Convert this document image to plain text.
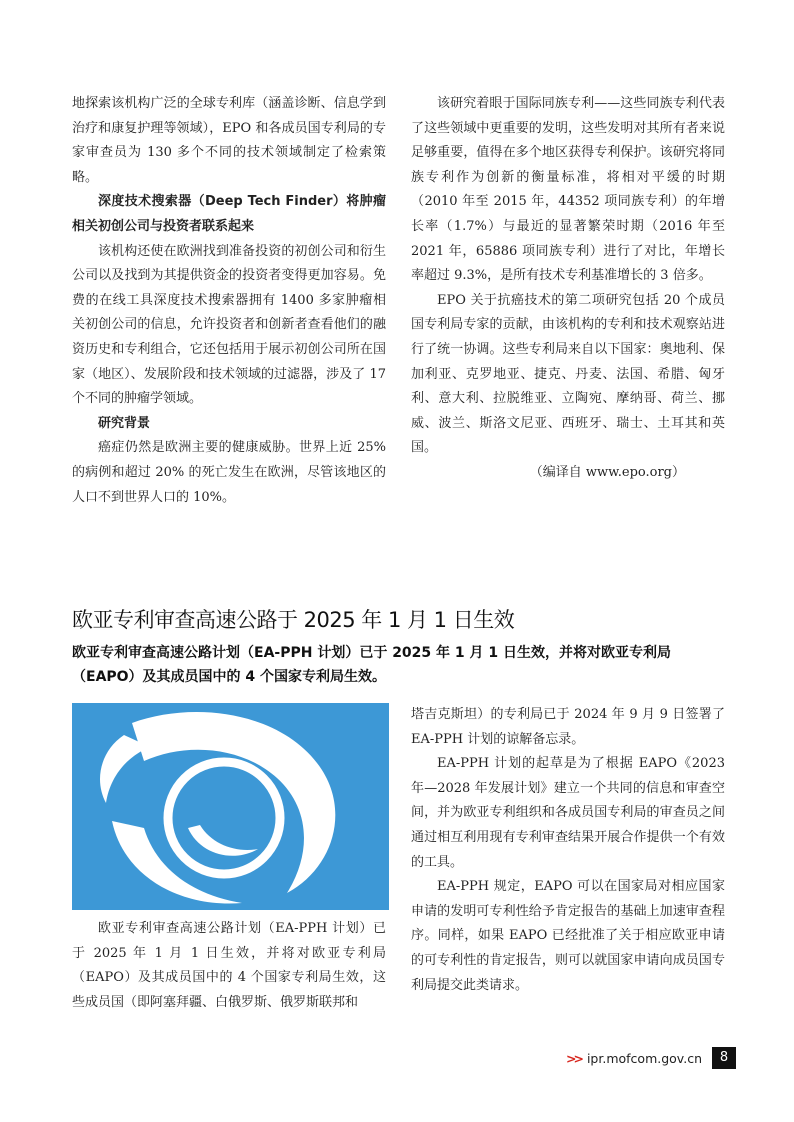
地探索该机构广泛的全球专利库（涵盖诊断、信息学到治疗和康复护理等领域），EPO 和各成员国专利局的专家审查员为 130 多个不同的技术领域制定了检索策略。

深度技术搜索器（Deep Tech Finder）将肿瘤相关初创公司与投资者联系起来

该机构还使在欧洲找到准备投资的初创公司和衍生公司以及找到为其提供资金的投资者变得更加容易。免费的在线工具深度技术搜索器拥有 1400 多家肿瘤相关初创公司的信息，允许投资者和创新者查看他们的融资历史和专利组合，它还包括用于展示初创公司所在国家（地区）、发展阶段和技术领域的过滤器，涉及了 17 个不同的肿瘤学领域。

研究背景

癌症仍然是欧洲主要的健康威胁。世界上近 25% 的病例和超过 20% 的死亡发生在欧洲，尽管该地区的人口不到世界人口的 10%。

该研究着眼于国际同族专利——这些同族专利代表了这些领域中更重要的发明，这些发明对其所有者来说足够重要，值得在多个地区获得专利保护。该研究将同族专利作为创新的衡量标准，将相对平缓的时期（2010 年至 2015 年，44352 项同族专利）的年增长率（1.7%）与最近的显著繁荣时期（2016 年至 2021 年，65886 项同族专利）进行了对比，年增长率超过 9.3%，是所有技术专利基准增长的 3 倍多。

EPO 关于抗癌技术的第二项研究包括 20 个成员国专利局专家的贡献，由该机构的专利和技术观察站进行了统一协调。这些专利局来自以下国家：奥地利、保加利亚、克罗地亚、捷克、丹麦、法国、希腊、匈牙利、意大利、拉脱维亚、立陶宛、摩纳哥、荷兰、挪威、波兰、斯洛文尼亚、西班牙、瑞士、土耳其和英国。

（编译自 www.epo.org）

欧亚专利审查高速公路于 2025 年 1 月 1 日生效
欧亚专利审查高速公路计划（EA-PPH 计划）已于 2025 年 1 月 1 日生效，并将对欧亚专利局（EAPO）及其成员国中的 4 个国家专利局生效。

欧亚专利审查高速公路计划（EA-PPH 计划）已于 2025 年 1 月 1 日生效，并将对欧亚专利局（EAPO）及其成员国中的 4 个国家专利局生效，这些成员国（即阿塞拜疆、白俄罗斯、俄罗斯联邦和

塔吉克斯坦）的专利局已于 2024 年 9 月 9 日签署了 EA-PPH 计划的谅解备忘录。

EA-PPH 计划的起草是为了根据 EAPO《2023 年—2028 年发展计划》建立一个共同的信息和审查空间，并为欧亚专利组织和各成员国专利局的审查员之间通过相互利用现有专利审查结果开展合作提供一个有效的工具。

EA-PPH 规定，EAPO 可以在国家局对相应国家申请的发明可专利性给予肯定报告的基础上加速审查程序。同样，如果 EAPO 已经批准了关于相应欧亚申请的可专利性的肯定报告，则可以就国家申请向成员国专利局提交此类请求。

>> ipr.mofcom.gov.cn	8
